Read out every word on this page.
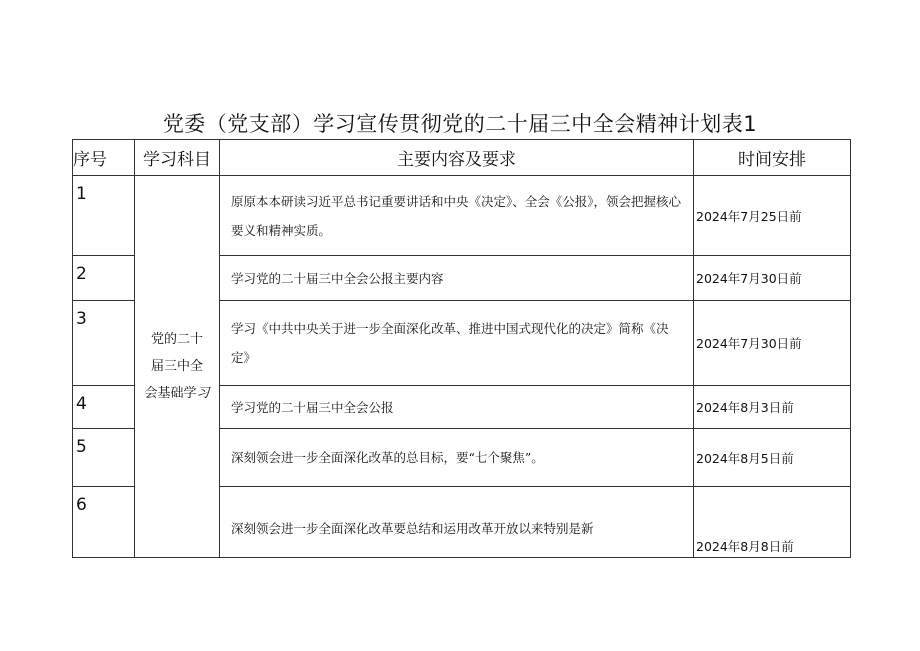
党委（党支部）学习宣传贯彻党的二十届三中全会精神计划表1
序号	学习科目	主要内容及要求	时间安排
1	党的二十
届三中全
会基础学习	原原本本研读习近平总书记重要讲话和中央《决定》、全会《公报》，领会把握核心要义和精神实质。	2024年7月25日前
2		学习党的二十届三中全会公报主要内容	2024年7月30日前
3		学习《中共中央关于进一步全面深化改革、推进中国式现代化的决定》简称《决定》	2024年7月30日前
4		学习党的二十届三中全会公报	2024年8月3日前
5		深刻领会进一步全面深化改革的总目标，要“七个聚焦”。	2024年8月5日前
6		深刻领会进一步全面深化改革要总结和运用改革开放以来特别是新	2024年8月8日前
